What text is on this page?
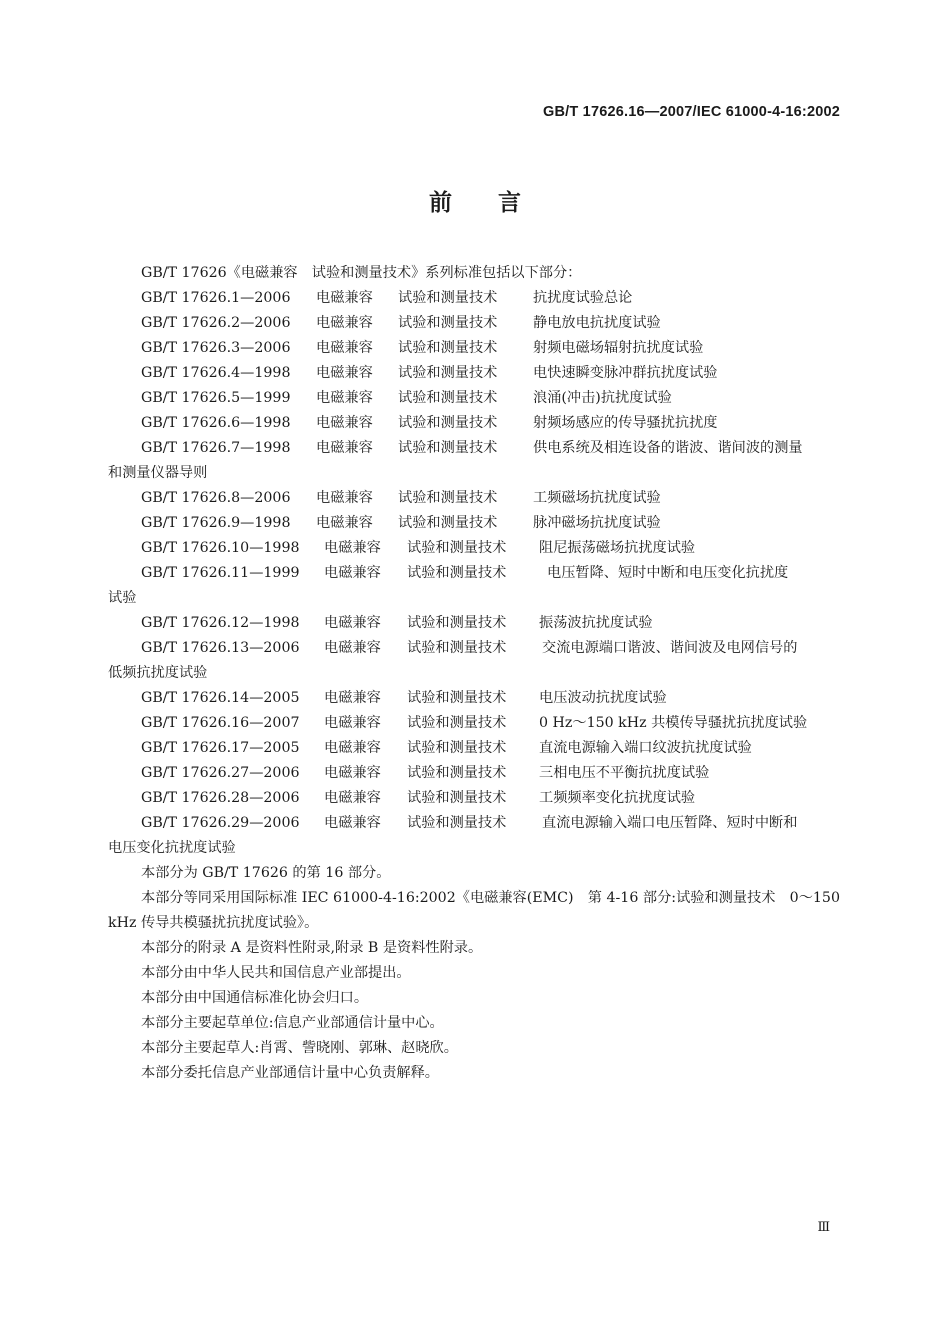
GB/T 17626.16—2007/IEC 61000-4-16:2002
前言

GB/T 17626《电磁兼容　试验和测量技术》系列标准包括以下部分：

GB/T 17626.1—2006	电磁兼容	试验和测量技术	抗扰度试验总论
GB/T 17626.2—2006	电磁兼容	试验和测量技术	静电放电抗扰度试验
GB/T 17626.3—2006	电磁兼容	试验和测量技术	射频电磁场辐射抗扰度试验
GB/T 17626.4—1998	电磁兼容	试验和测量技术	电快速瞬变脉冲群抗扰度试验
GB/T 17626.5—1999	电磁兼容	试验和测量技术	浪涌(冲击)抗扰度试验
GB/T 17626.6—1998	电磁兼容	试验和测量技术	射频场感应的传导骚扰抗扰度
GB/T 17626.7—1998	电磁兼容	试验和测量技术	供电系统及相连设备的谐波、谐间波的测量
和测量仪器导则
GB/T 17626.8—2006	电磁兼容	试验和测量技术	工频磁场抗扰度试验
GB/T 17626.9—1998	电磁兼容	试验和测量技术	脉冲磁场抗扰度试验
GB/T 17626.10—1998	电磁兼容	试验和测量技术	阻尼振荡磁场抗扰度试验
GB/T 17626.11—1999	电磁兼容	试验和测量技术	电压暂降、短时中断和电压变化抗扰度
试验
GB/T 17626.12—1998	电磁兼容	试验和测量技术	振荡波抗扰度试验
GB/T 17626.13—2006	电磁兼容	试验和测量技术	交流电源端口谐波、谐间波及电网信号的
低频抗扰度试验
GB/T 17626.14—2005	电磁兼容	试验和测量技术	电压波动抗扰度试验
GB/T 17626.16—2007	电磁兼容	试验和测量技术	0 Hz～150 kHz 共模传导骚扰抗扰度试验
GB/T 17626.17—2005	电磁兼容	试验和测量技术	直流电源输入端口纹波抗扰度试验
GB/T 17626.27—2006	电磁兼容	试验和测量技术	三相电压不平衡抗扰度试验
GB/T 17626.28—2006	电磁兼容	试验和测量技术	工频频率变化抗扰度试验
GB/T 17626.29—2006	电磁兼容	试验和测量技术	直流电源输入端口电压暂降、短时中断和
电压变化抗扰度试验

本部分为 GB/T 17626 的第 16 部分。

本部分等同采用国际标准 IEC 61000-4-16:2002《电磁兼容(EMC)　第 4-16 部分:试验和测量技术　0～150 kHz 传导共模骚扰抗扰度试验》。

本部分的附录 A 是资料性附录,附录 B 是资料性附录。

本部分由中华人民共和国信息产业部提出。

本部分由中国通信标准化协会归口。

本部分主要起草单位:信息产业部通信计量中心。

本部分主要起草人:肖霄、訾晓刚、郭琳、赵晓欣。

本部分委托信息产业部通信计量中心负责解释。

Ⅲ
